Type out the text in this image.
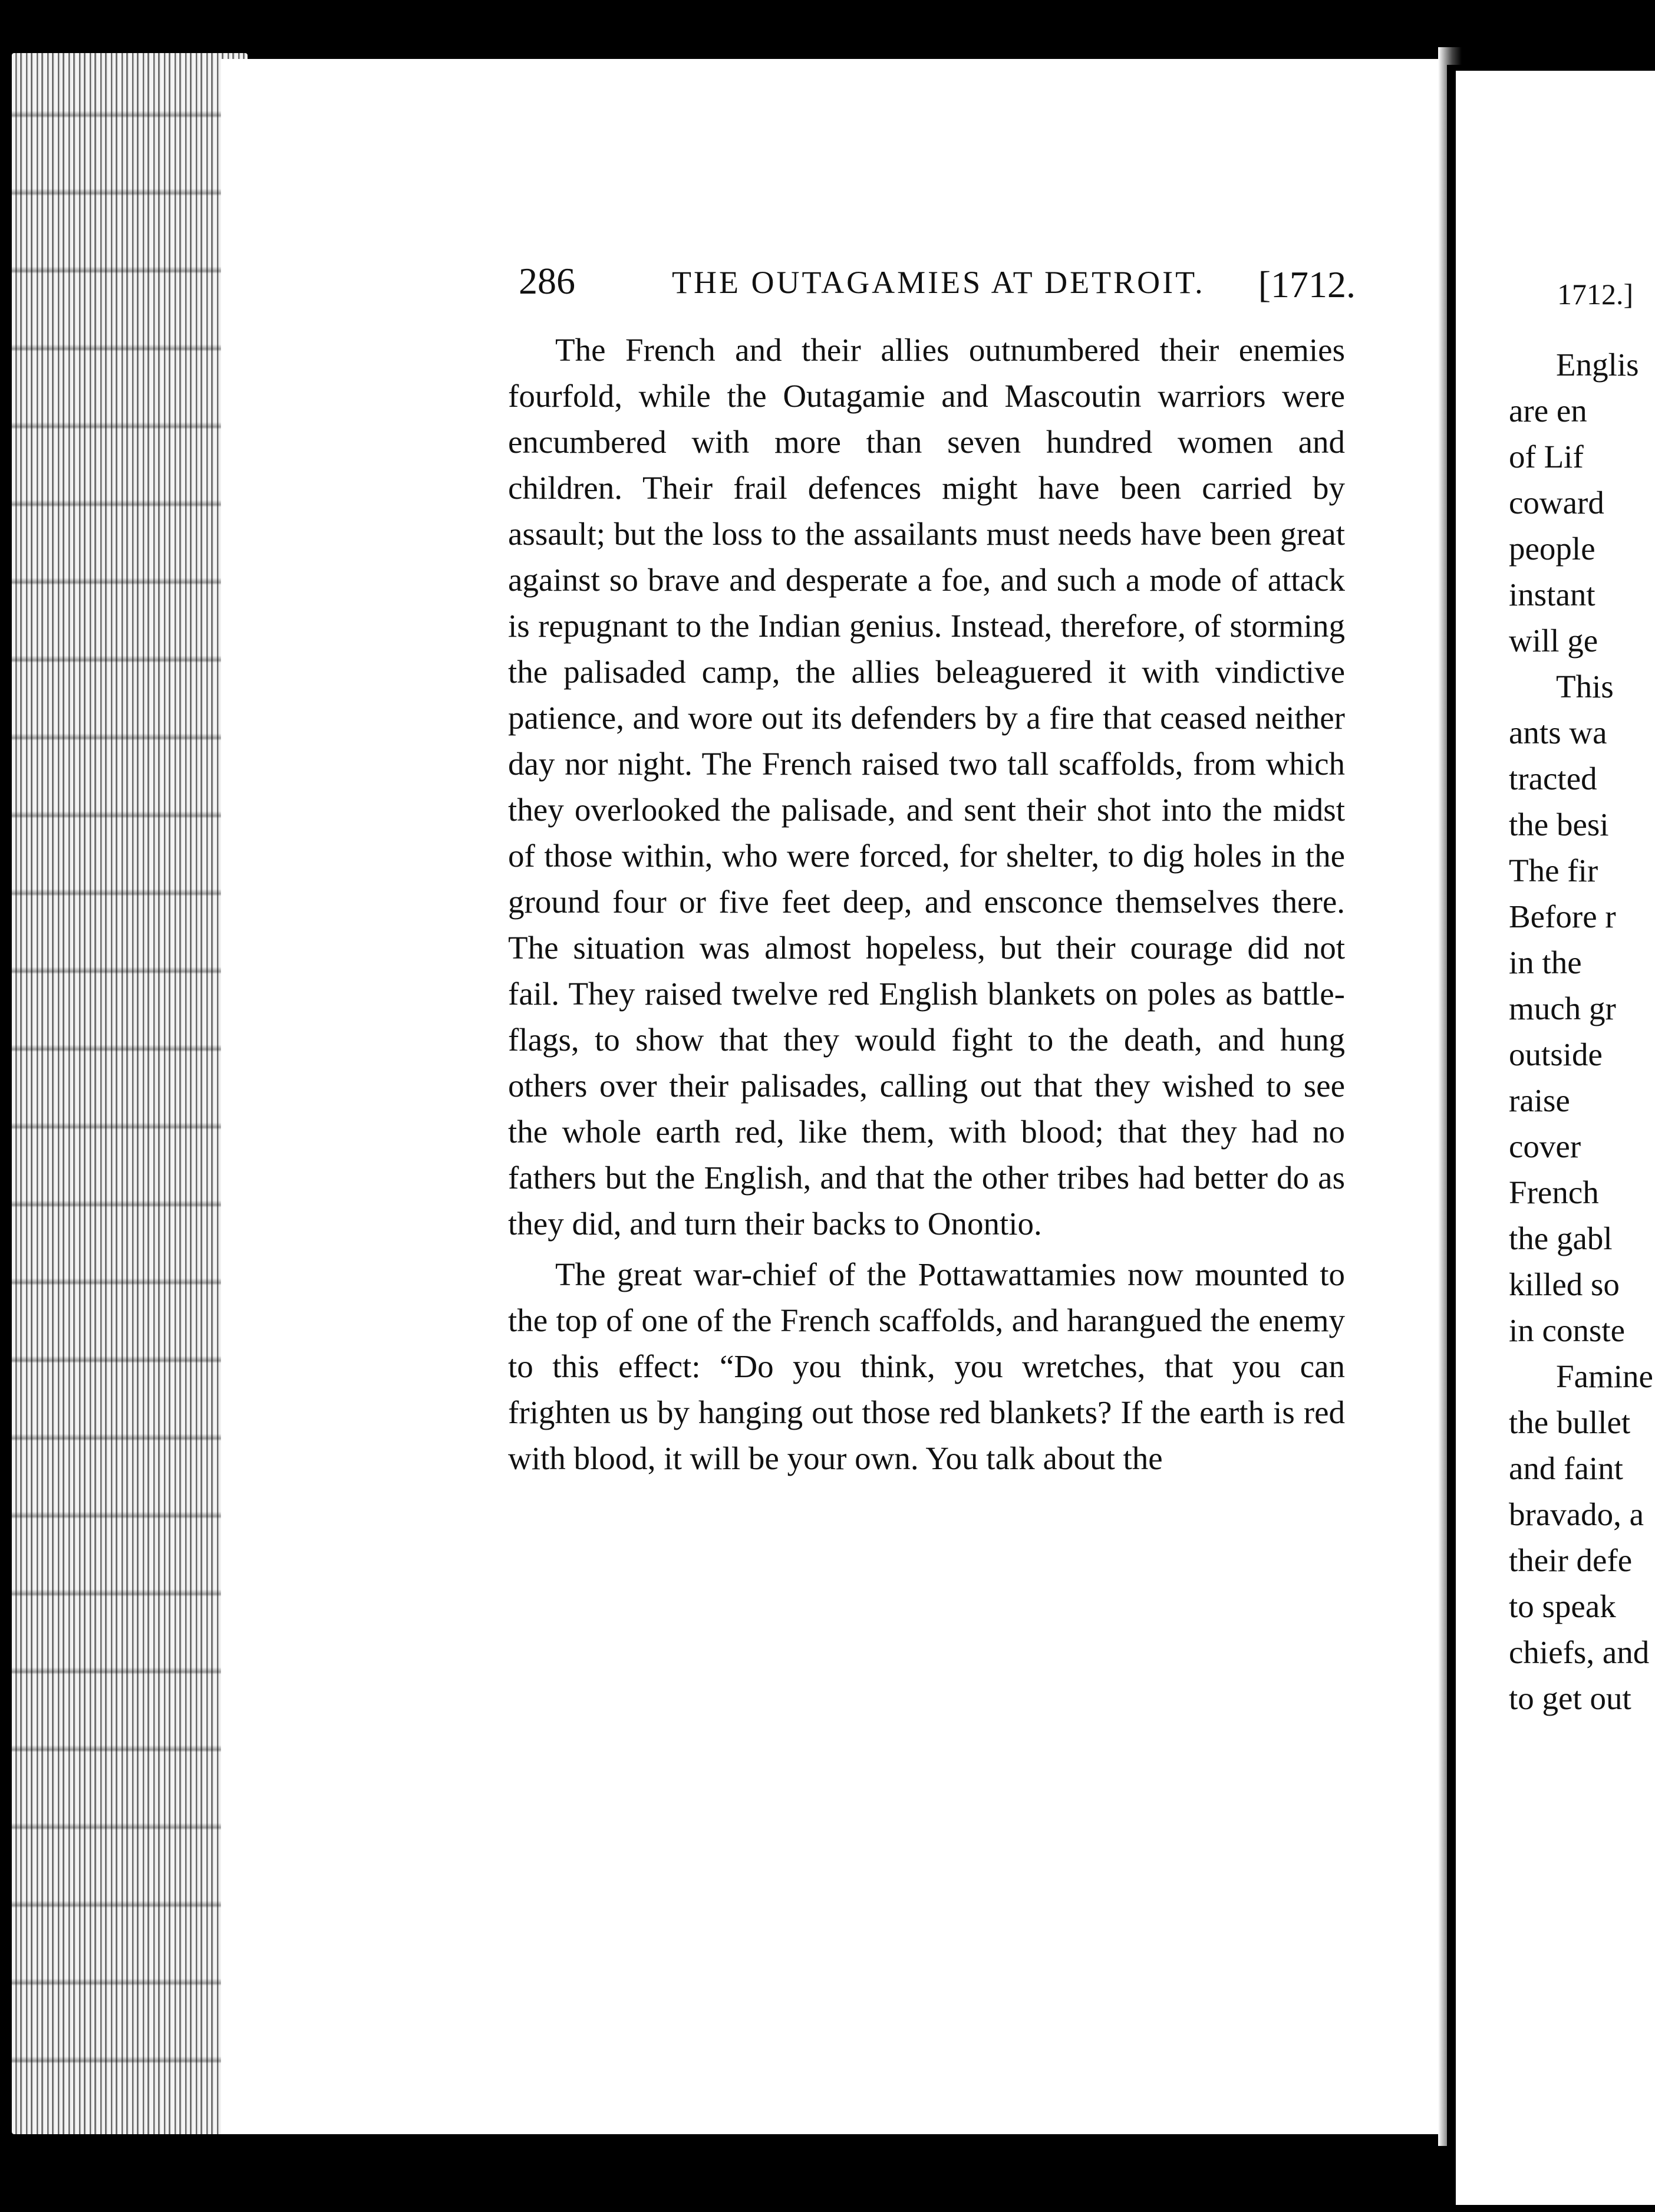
286	THE OUTAGAMIES AT DETROIT. [1712.

The French and their allies outnumbered their enemies fourfold, while the Outagamie and Mascoutin warriors were encumbered with more than seven hundred women and children. Their frail defences might have been carried by assault; but the loss to the assailants must needs have been great against so brave and desperate a foe, and such a mode of attack is repugnant to the Indian genius. Instead, therefore, of storming the palisaded camp, the allies beleaguered it with vindictive patience, and wore out its defenders by a fire that ceased neither day nor night. The French raised two tall scaffolds, from which they overlooked the palisade, and sent their shot into the midst of those within, who were forced, for shelter, to dig holes in the ground four or five feet deep, and ensconce themselves there. The situation was almost hopeless, but their courage did not fail. They raised twelve red English blankets on poles as battle-flags, to show that they would fight to the death, and hung others over their palisades, calling out that they wished to see the whole earth red, like them, with blood; that they had no fathers but the English, and that the other tribes had better do as they did, and turn their backs to Onontio.

The great war-chief of the Pottawattamies now mounted to the top of one of the French scaffolds, and harangued the enemy to this effect: “Do you think, you wretches, that you can frighten us by hanging out those red blankets? If the earth is red with blood, it will be your own. You talk about the

1712.]
Englis
are en
of Lif
coward
people
instant
will ge
This
ants wa
tracted
the besi
The fir
Before r
in the
much gr
outside
raise
cover
French
the gabl
killed so
in conste
Famine
the bullet
and faint
bravado, a
their defe
to speak
chiefs, and
to get out
